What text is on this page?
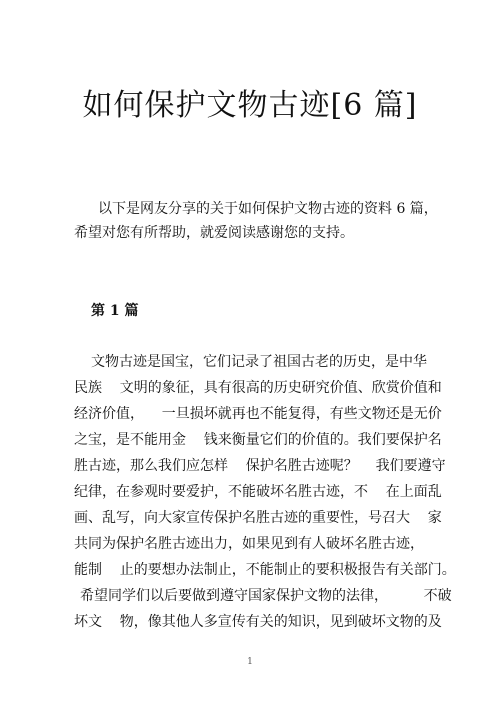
如何保护文物古迹[6 篇]
以下是网友分享的关于如何保护文物古迹的资料 6 篇，
希望对您有所帮助，就爱阅读感谢您的支持。
第 1 篇
文物古迹是国宝，它们记录了祖国古老的历史，是中华
民族    文明的象征，具有很高的历史研究价值、欣赏价值和
经济价值，    一旦损坏就再也不能复得，有些文物还是无价
之宝，是不能用金    钱来衡量它们的价值的。我们要保护名
胜古迹，那么我们应怎样    保护名胜古迹呢？    我们要遵守
纪律，在参观时要爱护，不能破坏名胜古迹，不    在上面乱
画、乱写，向大家宣传保护名胜古迹的重要性，号召大    家
共同为保护名胜古迹出力，如果见到有人破坏名胜古迹，
能制    止的要想办法制止，不能制止的要积极报告有关部门。
希望同学们以后要做到遵守国家保护文物的法律，        不破
坏文    物，像其他人多宣传有关的知识，见到破坏文物的及
1
